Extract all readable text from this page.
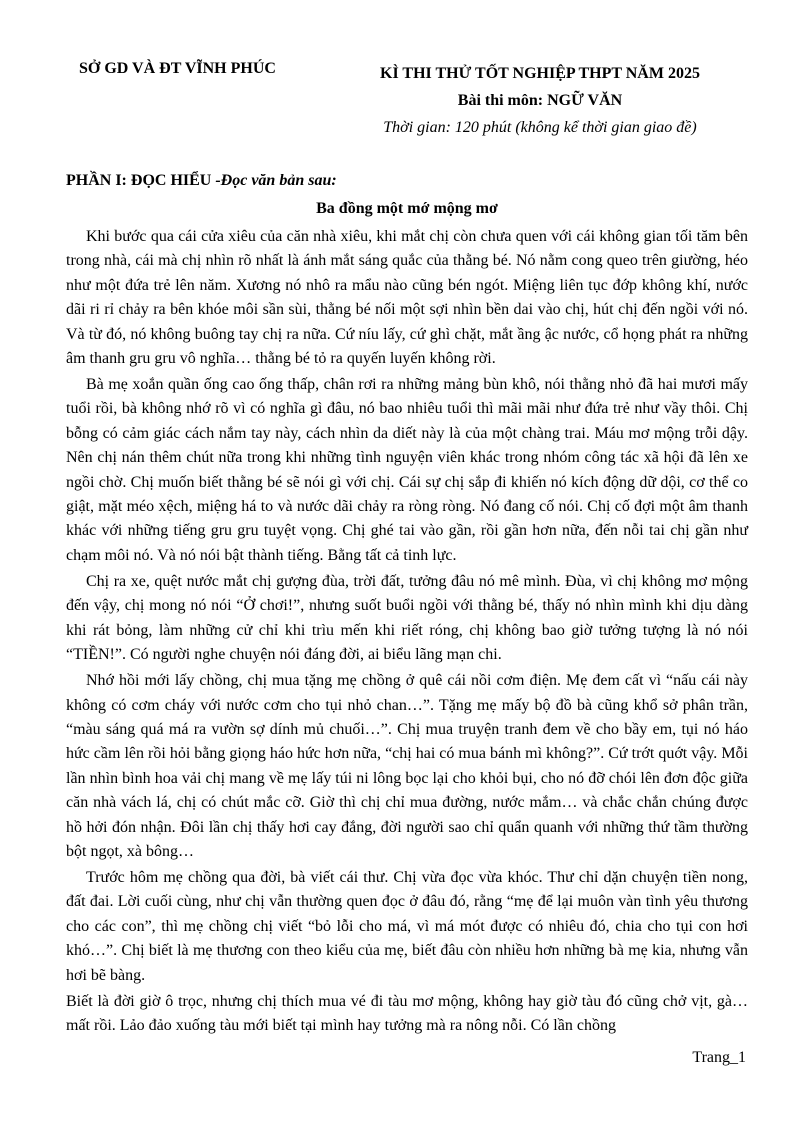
SỞ GD VÀ ĐT VĨNH PHÚC	KÌ THI THỬ TỐT NGHIỆP THPT NĂM 2025
Bài thi môn: NGỮ VĂN
Thời gian: 120 phút (không kể thời gian giao đề)
PHẦN I: ĐỌC HIỂU -Đọc văn bản sau:
Ba đồng một mớ mộng mơ

Khi bước qua cái cửa xiêu của căn nhà xiêu, khi mắt chị còn chưa quen với cái không gian tối tăm bên trong nhà, cái mà chị nhìn rõ nhất là ánh mắt sáng quắc của thằng bé. Nó nằm cong queo trên giường, héo như một đứa trẻ lên năm. Xương nó nhô ra mẩu nào cũng bén ngót. Miệng liên tục đớp không khí, nước dãi ri rỉ chảy ra bên khóe môi sần sùi, thằng bé nối một sợi nhìn bền dai vào chị, hút chị đến ngồi với nó. Và từ đó, nó không buông tay chị ra nữa. Cứ níu lấy, cứ ghì chặt, mắt ầng ậc nước, cổ họng phát ra những âm thanh gru gru vô nghĩa… thằng bé tỏ ra quyến luyến không rời.

Bà mẹ xoắn quần ống cao ống thấp, chân rơi ra những mảng bùn khô, nói thằng nhỏ đã hai mươi mấy tuổi rồi, bà không nhớ rõ vì có nghĩa gì đâu, nó bao nhiêu tuổi thì mãi mãi như đứa trẻ như vầy thôi. Chị bỗng có cảm giác cách nắm tay này, cách nhìn da diết này là của một chàng trai. Máu mơ mộng trỗi dậy. Nên chị nán thêm chút nữa trong khi những tình nguyện viên khác trong nhóm công tác xã hội đã lên xe ngồi chờ. Chị muốn biết thằng bé sẽ nói gì với chị. Cái sự chị sắp đi khiến nó kích động dữ dội, cơ thể co giật, mặt méo xệch, miệng há to và nước dãi chảy ra ròng ròng. Nó đang cố nói. Chị cố đợi một âm thanh khác với những tiếng gru gru tuyệt vọng. Chị ghé tai vào gần, rồi gần hơn nữa, đến nỗi tai chị gần như chạm môi nó. Và nó nói bật thành tiếng. Bằng tất cả tinh lực.

Chị ra xe, quệt nước mắt chị gượng đùa, trời đất, tưởng đâu nó mê mình. Đùa, vì chị không mơ mộng đến vậy, chị mong nó nói “Ở chơi!”, nhưng suốt buổi ngồi với thằng bé, thấy nó nhìn mình khi dịu dàng khi rát bỏng, làm những cử chỉ khi trìu mến khi riết róng, chị không bao giờ tưởng tượng là nó nói “TIỀN!”. Có người nghe chuyện nói đáng đời, ai biểu lãng mạn chi.

Nhớ hồi mới lấy chồng, chị mua tặng mẹ chồng ở quê cái nồi cơm điện. Mẹ đem cất vì “nấu cái này không có cơm cháy với nước cơm cho tụi nhỏ chan…”. Tặng mẹ mấy bộ đồ bà cũng khổ sở phân trần, “màu sáng quá má ra vườn sợ dính mủ chuối…”. Chị mua truyện tranh đem về cho bầy em, tụi nó háo hức cầm lên rồi hỏi bằng giọng háo hức hơn nữa, “chị hai có mua bánh mì không?”. Cứ trớt quớt vậy. Mỗi lần nhìn bình hoa vải chị mang về mẹ lấy túi ni lông bọc lại cho khỏi bụi, cho nó đỡ chói lên đơn độc giữa căn nhà vách lá, chị có chút mắc cỡ. Giờ thì chị chỉ mua đường, nước mắm… và chắc chắn chúng được hồ hởi đón nhận. Đôi lần chị thấy hơi cay đắng, đời người sao chỉ quẩn quanh với những thứ tầm thường bột ngọt, xà bông…

Trước hôm mẹ chồng qua đời, bà viết cái thư. Chị vừa đọc vừa khóc. Thư chỉ dặn chuyện tiền nong, đất đai. Lời cuối cùng, như chị vẫn thường quen đọc ở đâu đó, rằng “mẹ để lại muôn vàn tình yêu thương cho các con”, thì mẹ chồng chị viết “bỏ lỗi cho má, vì má mót được có nhiêu đó, chia cho tụi con hơi khó…”. Chị biết là mẹ thương con theo kiểu của mẹ, biết đâu còn nhiều hơn những bà mẹ kia, nhưng vẫn hơi bẽ bàng.

Biết là đời giờ ô trọc, nhưng chị thích mua vé đi tàu mơ mộng, không hay giờ tàu đó cũng chở vịt, gà… mất rồi. Lảo đảo xuống tàu mới biết tại mình hay tưởng mà ra nông nỗi. Có lần chồng

Trang_1
